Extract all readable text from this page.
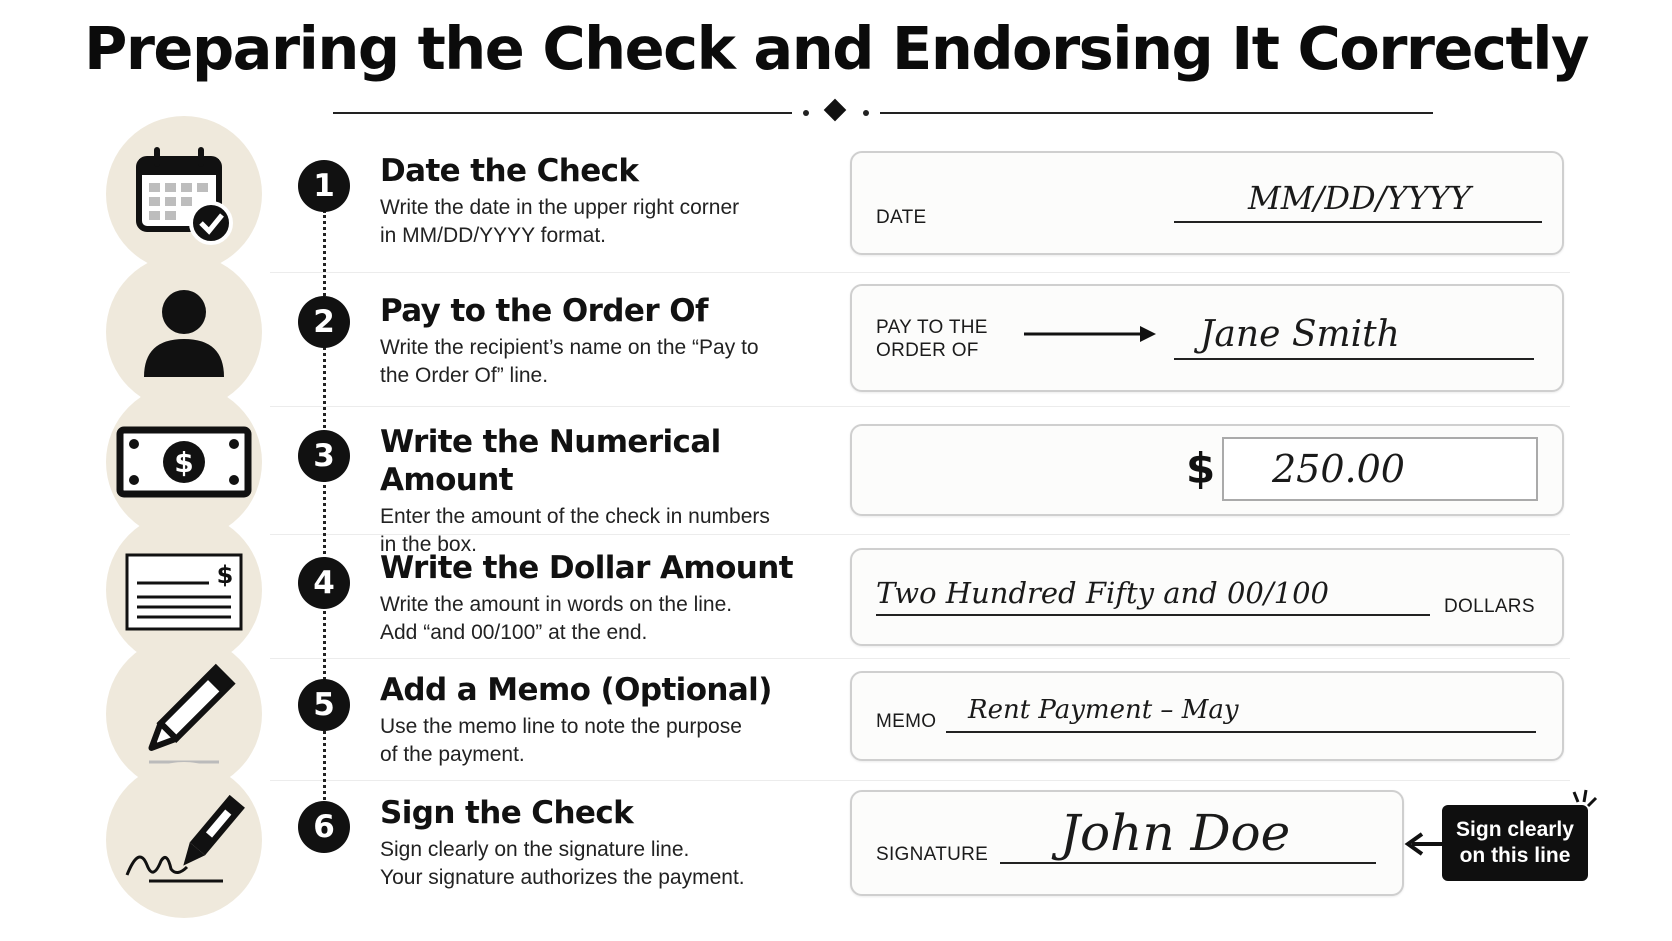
Preparing the Check and Endorsing It Correctly
$
$
1
2
3
4
5
6
Date the Check
Write the date in the upper right corner
in MM/DD/YYYY format.
Pay to the Order Of
Write the recipient’s name on the “Pay to
the Order Of” line.
Write the Numerical Amount
Enter the amount of the check in numbers
in the box.
Write the Dollar Amount
Write the amount in words on the line.
Add “and 00/100” at the end.
Add a Memo (Optional)
Use the memo line to note the purpose
of the payment.
Sign the Check
Sign clearly on the signature line.
Your signature authorizes the payment.
DATE
MM/DD/YYYY
PAY TO THE
ORDER OF	Jane Smith
$ 250.00
Two Hundred Fifty and 00/100	DOLLARS
MEMO Rent Payment – May
SIGNATURE John Doe	Sign clearly
on this line
